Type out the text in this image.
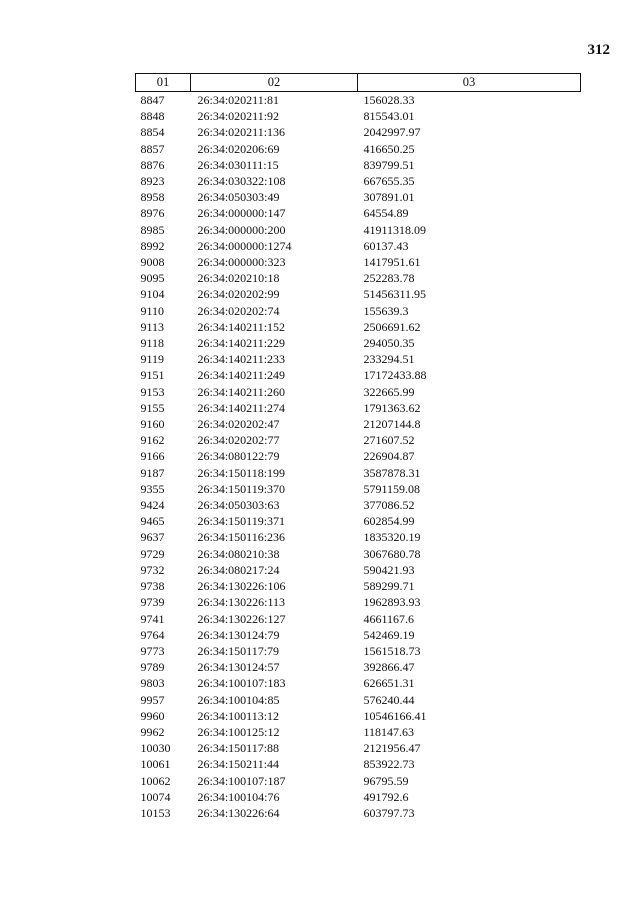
312
01	02	03
8847	26:34:020211:81	156028.33
8848	26:34:020211:92	815543.01
8854	26:34:020211:136	2042997.97
8857	26:34:020206:69	416650.25
8876	26:34:030111:15	839799.51
8923	26:34:030322:108	667655.35
8958	26:34:050303:49	307891.01
8976	26:34:000000:147	64554.89
8985	26:34:000000:200	41911318.09
8992	26:34:000000:1274	60137.43
9008	26:34:000000:323	1417951.61
9095	26:34:020210:18	252283.78
9104	26:34:020202:99	51456311.95
9110	26:34:020202:74	155639.3
9113	26:34:140211:152	2506691.62
9118	26:34:140211:229	294050.35
9119	26:34:140211:233	233294.51
9151	26:34:140211:249	17172433.88
9153	26:34:140211:260	322665.99
9155	26:34:140211:274	1791363.62
9160	26:34:020202:47	21207144.8
9162	26:34:020202:77	271607.52
9166	26:34:080122:79	226904.87
9187	26:34:150118:199	3587878.31
9355	26:34:150119:370	5791159.08
9424	26:34:050303:63	377086.52
9465	26:34:150119:371	602854.99
9637	26:34:150116:236	1835320.19
9729	26:34:080210:38	3067680.78
9732	26:34:080217:24	590421.93
9738	26:34:130226:106	589299.71
9739	26:34:130226:113	1962893.93
9741	26:34:130226:127	4661167.6
9764	26:34:130124:79	542469.19
9773	26:34:150117:79	1561518.73
9789	26:34:130124:57	392866.47
9803	26:34:100107:183	626651.31
9957	26:34:100104:85	576240.44
9960	26:34:100113:12	10546166.41
9962	26:34:100125:12	118147.63
10030	26:34:150117:88	2121956.47
10061	26:34:150211:44	853922.73
10062	26:34:100107:187	96795.59
10074	26:34:100104:76	491792.6
10153	26:34:130226:64	603797.73
